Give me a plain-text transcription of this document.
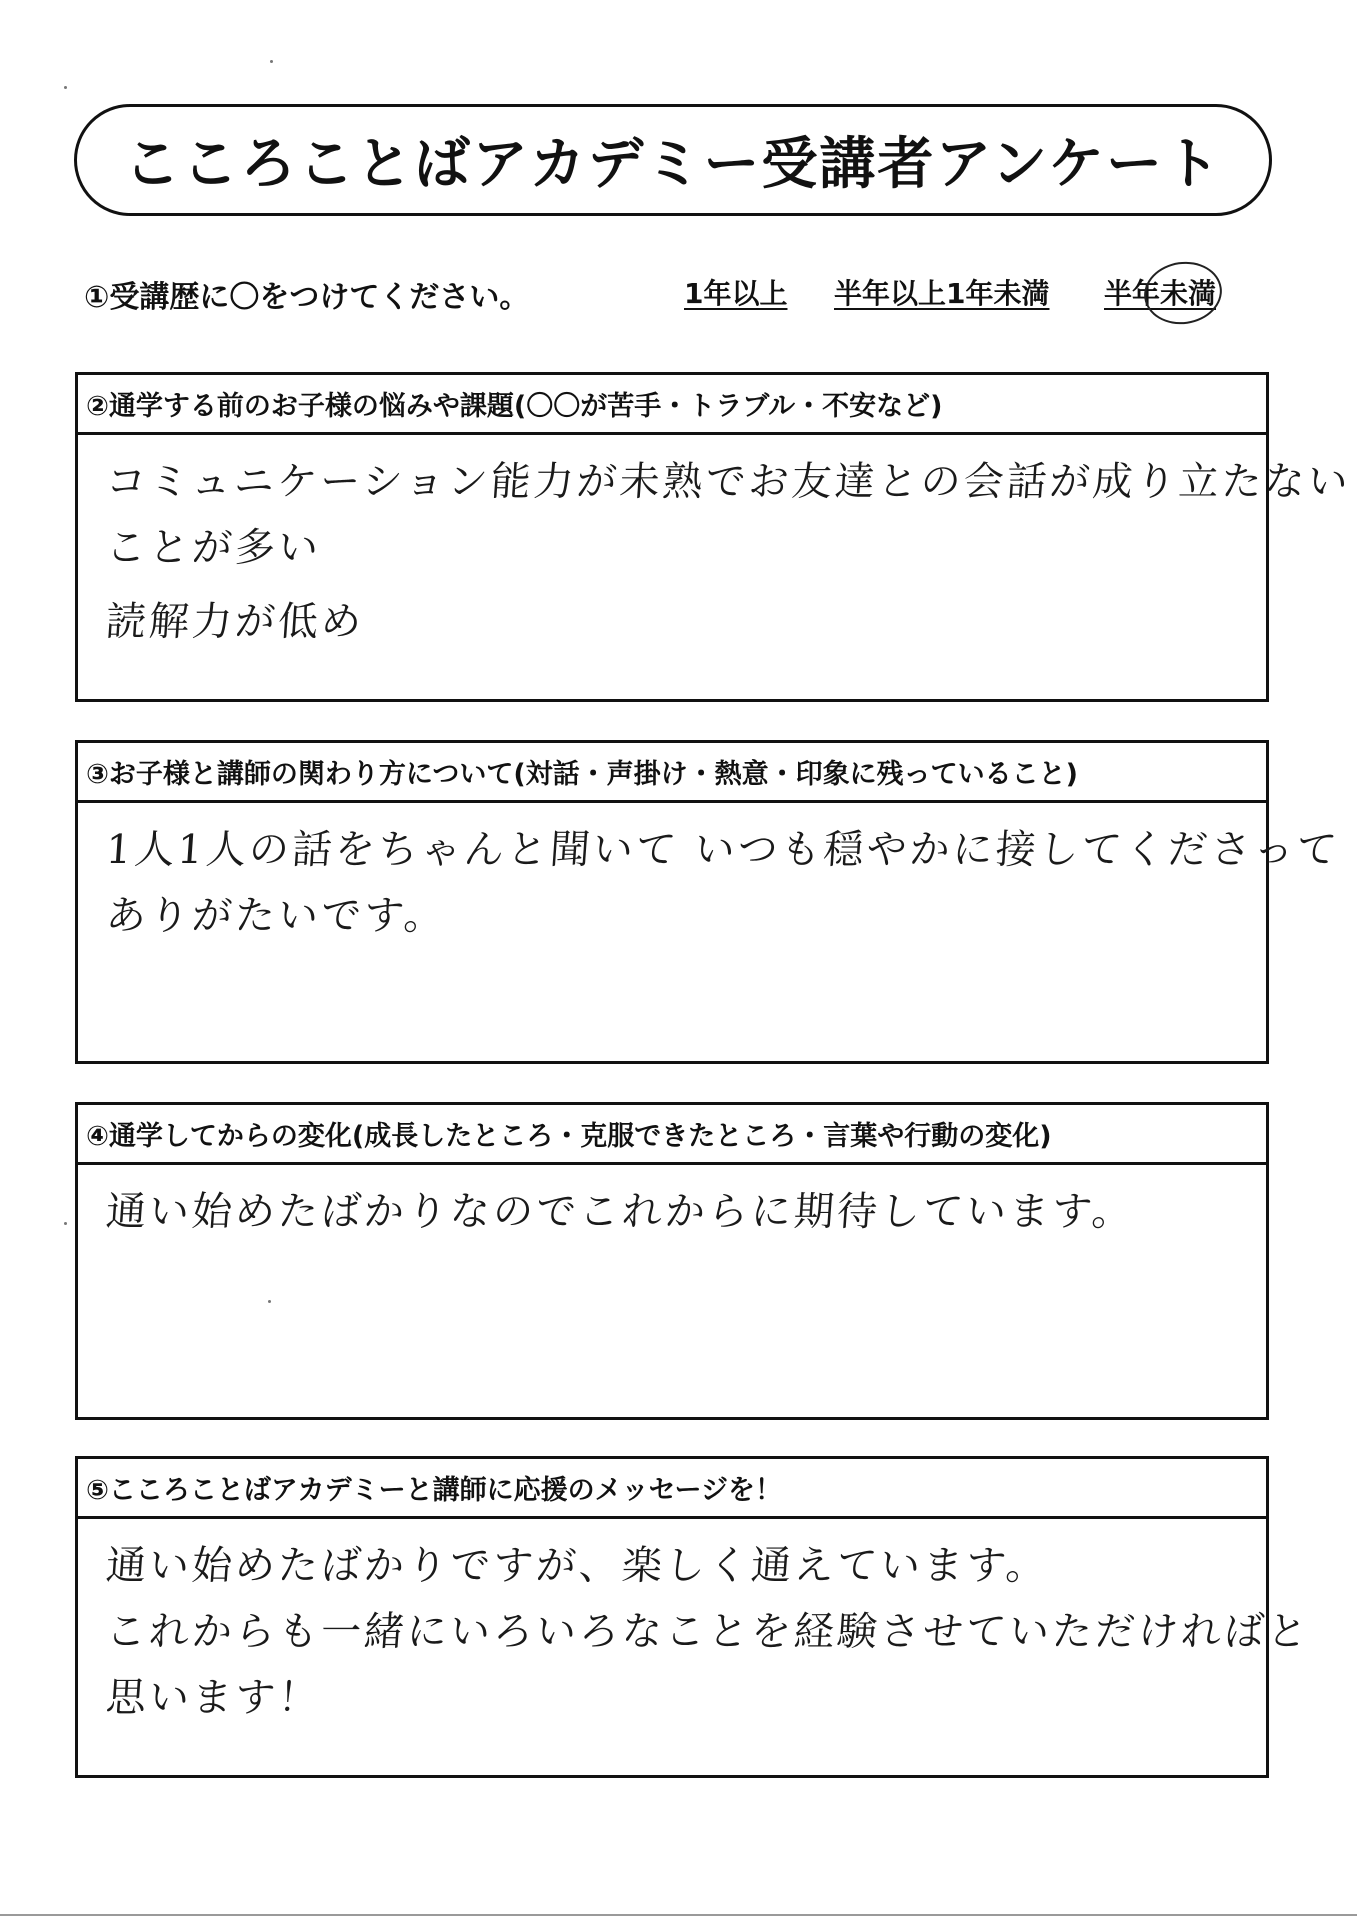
こころことばアカデミー受講者アンケート
①受講歴に〇をつけてください。	1年以上 半年以上1年未満 半年未満
②通学する前のお子様の悩みや課題(〇〇が苦手・トラブル・不安など)
コミュニケーション能力が未熟でお友達との会話が成り立たない
ことが多い
読解力が低め
③お子様と講師の関わり方について(対話・声掛け・熱意・印象に残っていること)
1人1人の話をちゃんと聞いて いつも穏やかに接してくださって
ありがたいです。
④通学してからの変化(成長したところ・克服できたところ・言葉や行動の変化)
通い始めたばかりなのでこれからに期待しています。
⑤こころことばアカデミーと講師に応援のメッセージを！
通い始めたばかりですが、楽しく通えています。
これからも一緒にいろいろなことを経験させていただければと
思います！
